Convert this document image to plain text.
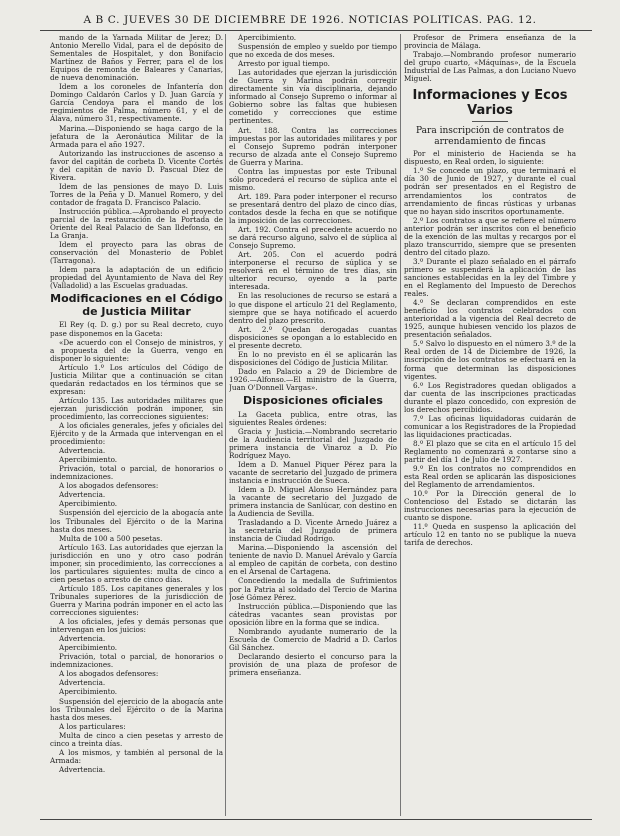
A B C. JUEVES 30 DE DICIEMBRE DE 1926. NOTICIAS POLITICAS. PAG. 12.

mando de la Yarnada Militar de Jerez; D. Antonio Merello Vidal, para el de depósito de Sementales de Hospitalet, y don Bonifacio Martínez de Baños y Ferrer, para el de los Equipos de remonta de Baleares y Canarias, de nueva denominación.

Idem a los coroneles de Infantería don Domingo Caldarón Carlos y D. Juan García y García Cendoya para el mando de los regimientos de Palma, número 61, y el de Álava, número 31, respectivamente.

Marina.—Disponiendo se haga cargo de la jefatura de la Aeronáutica Militar de la Armada para el año 1927.

Autorizando las instrucciones de ascenso a favor del capitán de corbeta D. Vicente Cortés y del capitán de navío D. Pascual Díez de Rivera.

Idem de las pensiones de mayo D. Luis Torres de la Peña y D. Manuel Romero, y del contador de fragata D. Francisco Palacio.

Instrucción pública.—Aprobando el proyecto parcial de la restauración de la Portada de Oriente del Real Palacio de San Ildefonso, en La Granja.

Idem el proyecto para las obras de conservación del Monasterio de Poblet (Tarragona).

Idem para la adaptación de un edificio propiedad del Ayuntamiento de Nava del Rey (Valladolid) a las Escuelas graduadas.

Modificaciones en el Código de Justicia Militar

El Rey (q. D. g.) por su Real decreto, cuyo pase disponemos en la Gaceta:

«De acuerdo con el Consejo de ministros, y a propuesta del de la Guerra, vengo en disponer lo siguiente:

Artículo 1.º Los artículos del Código de Justicia Militar que a continuación se citan quedarán redactados en los términos que se expresan:

Artículo 135. Las autoridades militares que ejerzan jurisdicción podrán imponer, sin procedimiento, las correcciones siguientes:

A los oficiales generales, jefes y oficiales del Ejército y de la Armada que intervengan en el procedimiento:

Advertencia.

Apercibimiento.

Privación, total o parcial, de honorarios o indemnizaciones.

A los abogados defensores:

Advertencia.

Apercibimiento.

Suspensión del ejercicio de la abogacía ante los Tribunales del Ejército o de la Marina hasta dos meses.

Multa de 100 a 500 pesetas.

Artículo 163. Las autoridades que ejerzan la jurisdicción en uno y otro caso podrán imponer, sin procedimiento, las correcciones a los particulares siguientes: multa de cinco a cien pesetas o arresto de cinco días.

Artículo 185. Los capitanes generales y los Tribunales superiores de la jurisdicción de Guerra y Marina podrán imponer en el acto las correcciones siguientes:

A los oficiales, jefes y demás personas que intervengan en los juicios:

Advertencia.

Apercibimiento.

Privación, total o parcial, de honorarios o indemnizaciones.

A los abogados defensores:

Advertencia.

Apercibimiento.

Suspensión del ejercicio de la abogacía ante los Tribunales del Ejército o de la Marina hasta dos meses.

A los particulares:

Multa de cinco a cien pesetas y arresto de cinco a treinta días.

A los mismos, y también al personal de la Armada:

Advertencia.

Apercibimiento.

Suspensión de empleo y sueldo por tiempo que no exceda de dos meses.

Arresto por igual tiempo.

Las autoridades que ejerzan la jurisdicción de Guerra y Marina podrán corregir directamente sin vía disciplinaria, dejando informado al Consejo Supremo o informar al Gobierno sobre las faltas que hubiesen cometido y correcciones que estime pertinentes.

Art. 188. Contra las correcciones impuestas por las autoridades militares y por el Consejo Supremo podrán interponer recurso de alzada ante el Consejo Supremo de Guerra y Marina.

Contra las impuestas por este Tribunal sólo procederá el recurso de súplica ante el mismo.

Art. 189. Para poder interponer el recurso se presentará dentro del plazo de cinco días, contados desde la fecha en que se notifique la imposición de las correcciones.

Art. 192. Contra el precedente acuerdo no se dará recurso alguno, salvo el de súplica al Consejo Supremo.

Art. 205. Con el acuerdo podrá interponerse el recurso de súplica y se resolverá en el término de tres días, sin ulterior recurso, oyendo a la parte interesada.

En las resoluciones de recurso se estará a lo que dispone el artículo 21 del Reglamento, siempre que se haya notificado el acuerdo dentro del plazo prescrito.

Art. 2.º Quedan derogadas cuantas disposiciones se opongan a lo establecido en el presente decreto.

En lo no previsto en él se aplicarán las disposiciones del Código de Justicia Militar.

Dado en Palacio a 29 de Diciembre de 1926.—Alfonso.—El ministro de la Guerra, Juan O'Donnell Vargas».

Disposiciones oficiales

La Gaceta publica, entre otras, las siguientes Reales órdenes:

Gracia y Justicia.—Nombrando secretario de la Audiencia territorial del Juzgado de primera instancia de Vinaroz a D. Pío Rodríguez Mayo.

Idem a D. Manuel Piquer Pérez para la vacante de secretario del Juzgado de primera instancia e instrucción de Sueca.

Idem a D. Miguel Alonso Hernández para la vacante de secretario del Juzgado de primera instancia de Sanlúcar, con destino en la Audiencia de Sevilla.

Trasladando a D. Vicente Arnedo Juárez a la secretaría del Juzgado de primera instancia de Ciudad Rodrigo.

Marina.—Disponiendo la ascensión del teniente de navío D. Manuel Arévalo y García al empleo de capitán de corbeta, con destino en el Arsenal de Cartagena.

Concediendo la medalla de Sufrimientos por la Patria al soldado del Tercio de Marina José Gómez Pérez.

Instrucción pública.—Disponiendo que las cátedras vacantes sean provistas por oposición libre en la forma que se indica.

Nombrando ayudante numerario de la Escuela de Comercio de Madrid a D. Carlos Gil Sánchez.

Declarando desierto el concurso para la provisión de una plaza de profesor de primera enseñanza.

Profesor de Primera enseñanza de la provincia de Málaga.

Trabajo.—Nombrando profesor numerario del grupo cuarto, «Máquinas», de la Escuela Industrial de Las Palmas, a don Luciano Nuevo Miguel.

Informaciones y Ecos Varios
Para inscripción de contratos de arrendamiento de fincas

Por el ministerio de Hacienda se ha dispuesto, en Real orden, lo siguiente:

1.º Se concede un plazo, que terminará el día 30 de Junio de 1927, y durante el cual podrán ser presentados en el Registro de arrendamientos los contratos de arrendamiento de fincas rústicas y urbanas que no hayan sido inscritos oportunamente.

2.º Los contratos a que se refiere el número anterior podrán ser inscritos con el beneficio de la exención de las multas y recargos por el plazo transcurrido, siempre que se presenten dentro del citado plazo.

3.º Durante el plazo señalado en el párrafo primero se suspenderá la aplicación de las sanciones establecidas en la ley del Timbre y en el Reglamento del Impuesto de Derechos reales.

4.º Se declaran comprendidos en este beneficio los contratos celebrados con anterioridad a la vigencia del Real decreto de 1925, aunque hubiesen vencido los plazos de presentación señalados.

5.º Salvo lo dispuesto en el número 3.º de la Real orden de 14 de Diciembre de 1926, la inscripción de los contratos se efectuará en la forma que determinan las disposiciones vigentes.

6.º Los Registradores quedan obligados a dar cuenta de las inscripciones practicadas durante el plazo concedido, con expresión de los derechos percibidos.

7.º Las oficinas liquidadoras cuidarán de comunicar a los Registradores de la Propiedad las liquidaciones practicadas.

8.º El plazo que se cita en el artículo 15 del Reglamento no comenzará a contarse sino a partir del día 1 de Julio de 1927.

9.º En los contratos no comprendidos en esta Real orden se aplicarán las disposiciones del Reglamento de arrendamientos.

10.º Por la Dirección general de lo Contencioso del Estado se dictarán las instrucciones necesarias para la ejecución de cuanto se dispone.

11.º Queda en suspenso la aplicación del artículo 12 en tanto no se publique la nueva tarifa de derechos.
